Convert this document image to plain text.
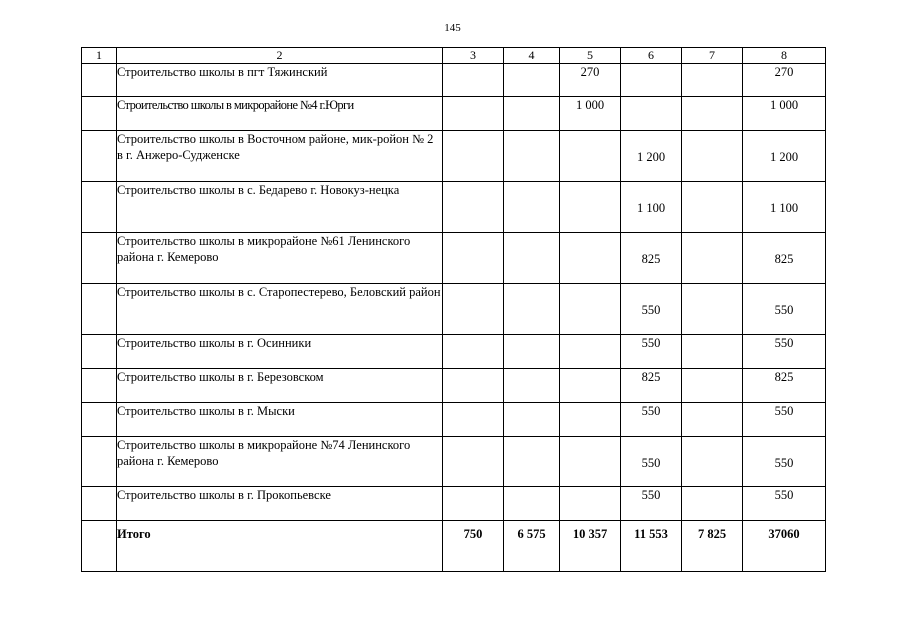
145
1	2	3	4	5	6	7	8
	Строительство школы в пгт Тяжинский			270			270
	Строительство школы в микрорайоне №4 г.Юрги			1 000			1 000
	Строительство школы в Восточном районе, мик-ройон № 2 в г. Анжеро-Судженске				1 200		1 200
	Строительство школы в с. Бедарево г. Новокуз-нецка				1 100		1 100
	Строительство школы в микрорайоне №61 Ленинского района г. Кемерово				825		825
	Строительство школы в с. Старопестерево, Беловский район				550		550
	Строительство школы в г. Осинники				550		550
	Строительство школы в г. Березовском				825		825
	Строительство школы в г. Мыски				550		550
	Строительство школы в микрорайоне №74 Ленинского района г. Кемерово				550		550
	Строительство школы в г. Прокопьевске				550		550
	Итого	750	6 575	10 357	11 553	7 825	37060
